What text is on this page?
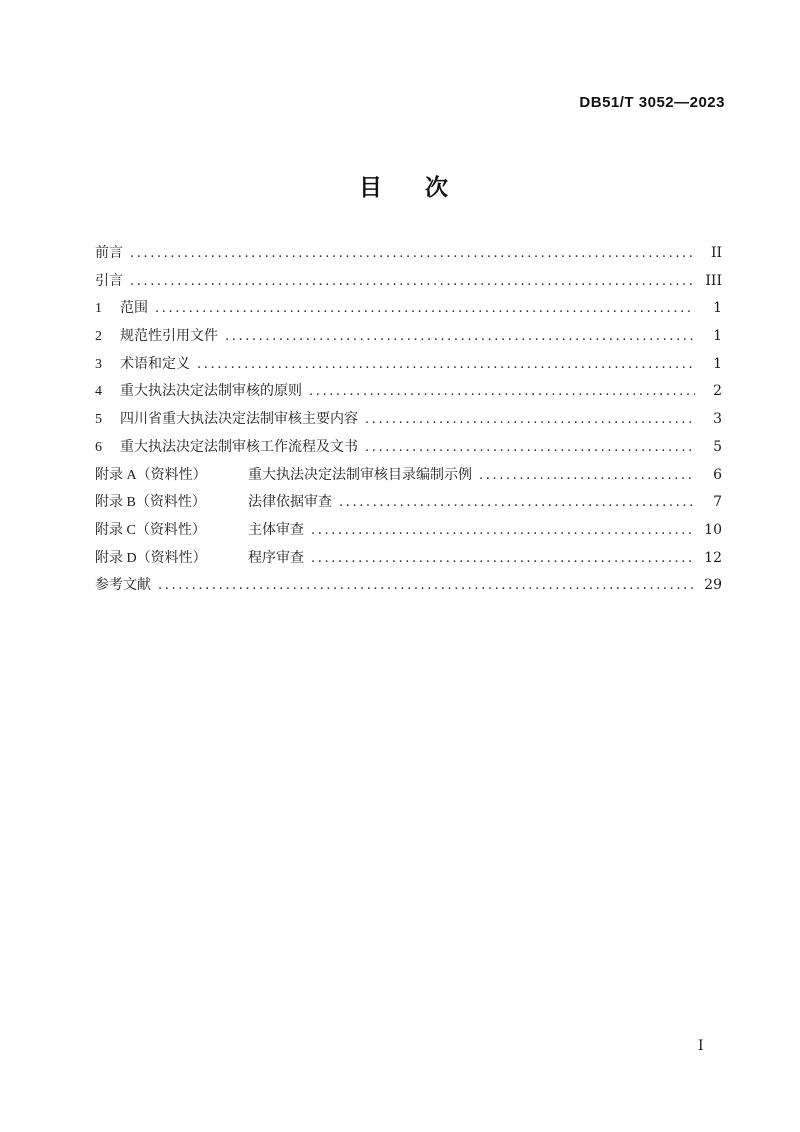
DB51/T 3052—2023
目　次
前言 .....	II
引言 .....	III
1	范围 .....	1
2	规范性引用文件 .....	1
3	术语和定义 .....	1
4	重大执法决定法制审核的原则 .....	2
5	四川省重大执法决定法制审核主要内容 .....	3
6	重大执法决定法制审核工作流程及文书 .....	5
附录 A（资料性）	重大执法决定法制审核目录编制示例 .....	6
附录 B（资料性）	法律依据审查 .....	7
附录 C（资料性）	主体审查 .....	10
附录 D（资料性）	程序审查 .....	12
参考文献 .....	29
I
